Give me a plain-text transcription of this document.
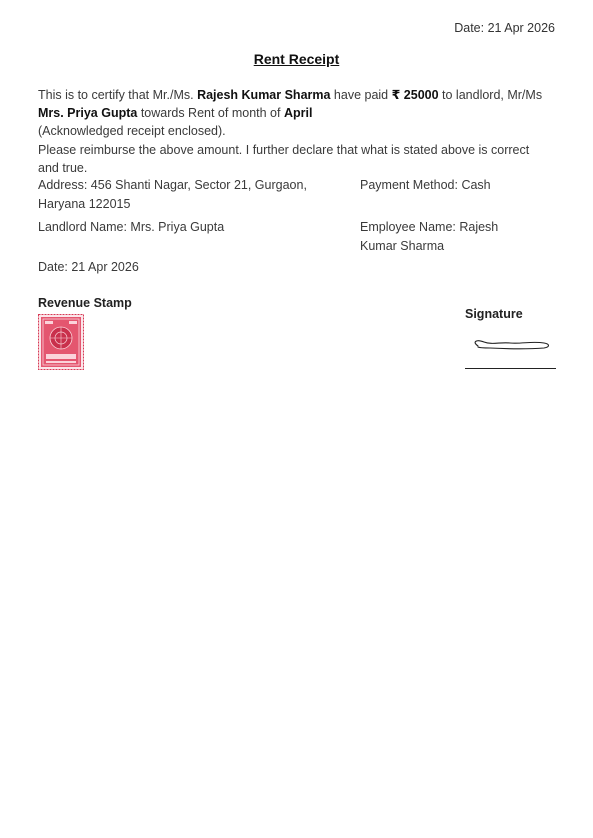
Date: 21 Apr 2026
Rent Receipt
This is to certify that Mr./Ms. Rajesh Kumar Sharma have paid ₹ 25000 to landlord, Mr/Ms Mrs. Priya Gupta towards Rent of month of April
(Acknowledged receipt enclosed).
Please reimburse the above amount. I further declare that what is stated above is correct and true.
Address: 456 Shanti Nagar, Sector 21, Gurgaon, Haryana 122015
Payment Method: Cash
Landlord Name: Mrs. Priya Gupta	Employee Name: Rajesh Kumar Sharma
Date: 21 Apr 2026
Revenue Stamp
Signature
